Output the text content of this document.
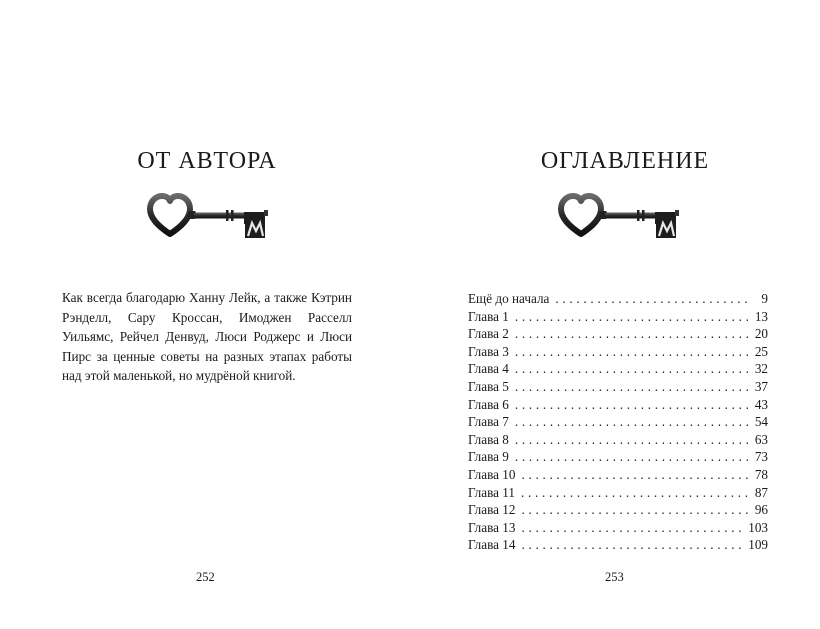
ОТ АВТОРА

Как всегда благодарю Ханну Лейк, а также Кэтрин Рэнделл, Сару Кроссан, Имоджен Расселл Уильямс, Рейчел Денвуд, Люси Роджерс и Люси Пирс за ценные советы на разных этапах работы над этой маленькой, но мудрёной книгой.

252
ОГЛАВЛЕНИЕ
Ещё до начала . . .	9
Глава 1 . . .	13
Глава 2 . . .	20
Глава 3 . . .	25
Глава 4 . . .	32
Глава 5 . . .	37
Глава 6 . . .	43
Глава 7 . . .	54
Глава 8 . . .	63
Глава 9 . . .	73
Глава 10 . . .	78
Глава 11 . . .	87
Глава 12 . . .	96
Глава 13 . . .	103
Глава 14 . . .	109
253
